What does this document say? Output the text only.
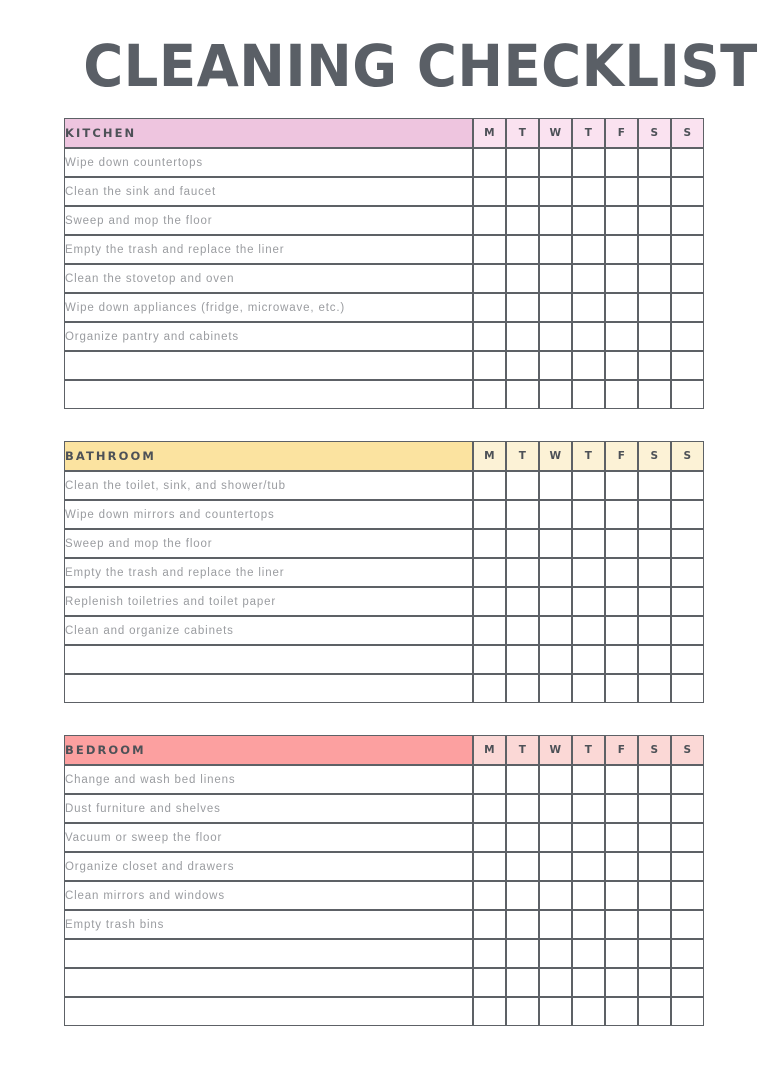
CLEANING CHECKLIST
KITCHEN	M	T	W	T	F	S	S
Wipe down countertops							
Clean the sink and faucet							
Sweep and mop the floor							
Empty the trash and replace the liner							
Clean the stovetop and oven							
Wipe down appliances (fridge, microwave, etc.)							
Organize pantry and cabinets							

BATHROOM	M	T	W	T	F	S	S
Clean the toilet, sink, and shower/tub							
Wipe down mirrors and countertops							
Sweep and mop the floor							
Empty the trash and replace the liner							
Replenish toiletries and toilet paper							
Clean and organize cabinets							

BEDROOM	M	T	W	T	F	S	S
Change and wash bed linens							
Dust furniture and shelves							
Vacuum or sweep the floor							
Organize closet and drawers							
Clean mirrors and windows							
Empty trash bins							
